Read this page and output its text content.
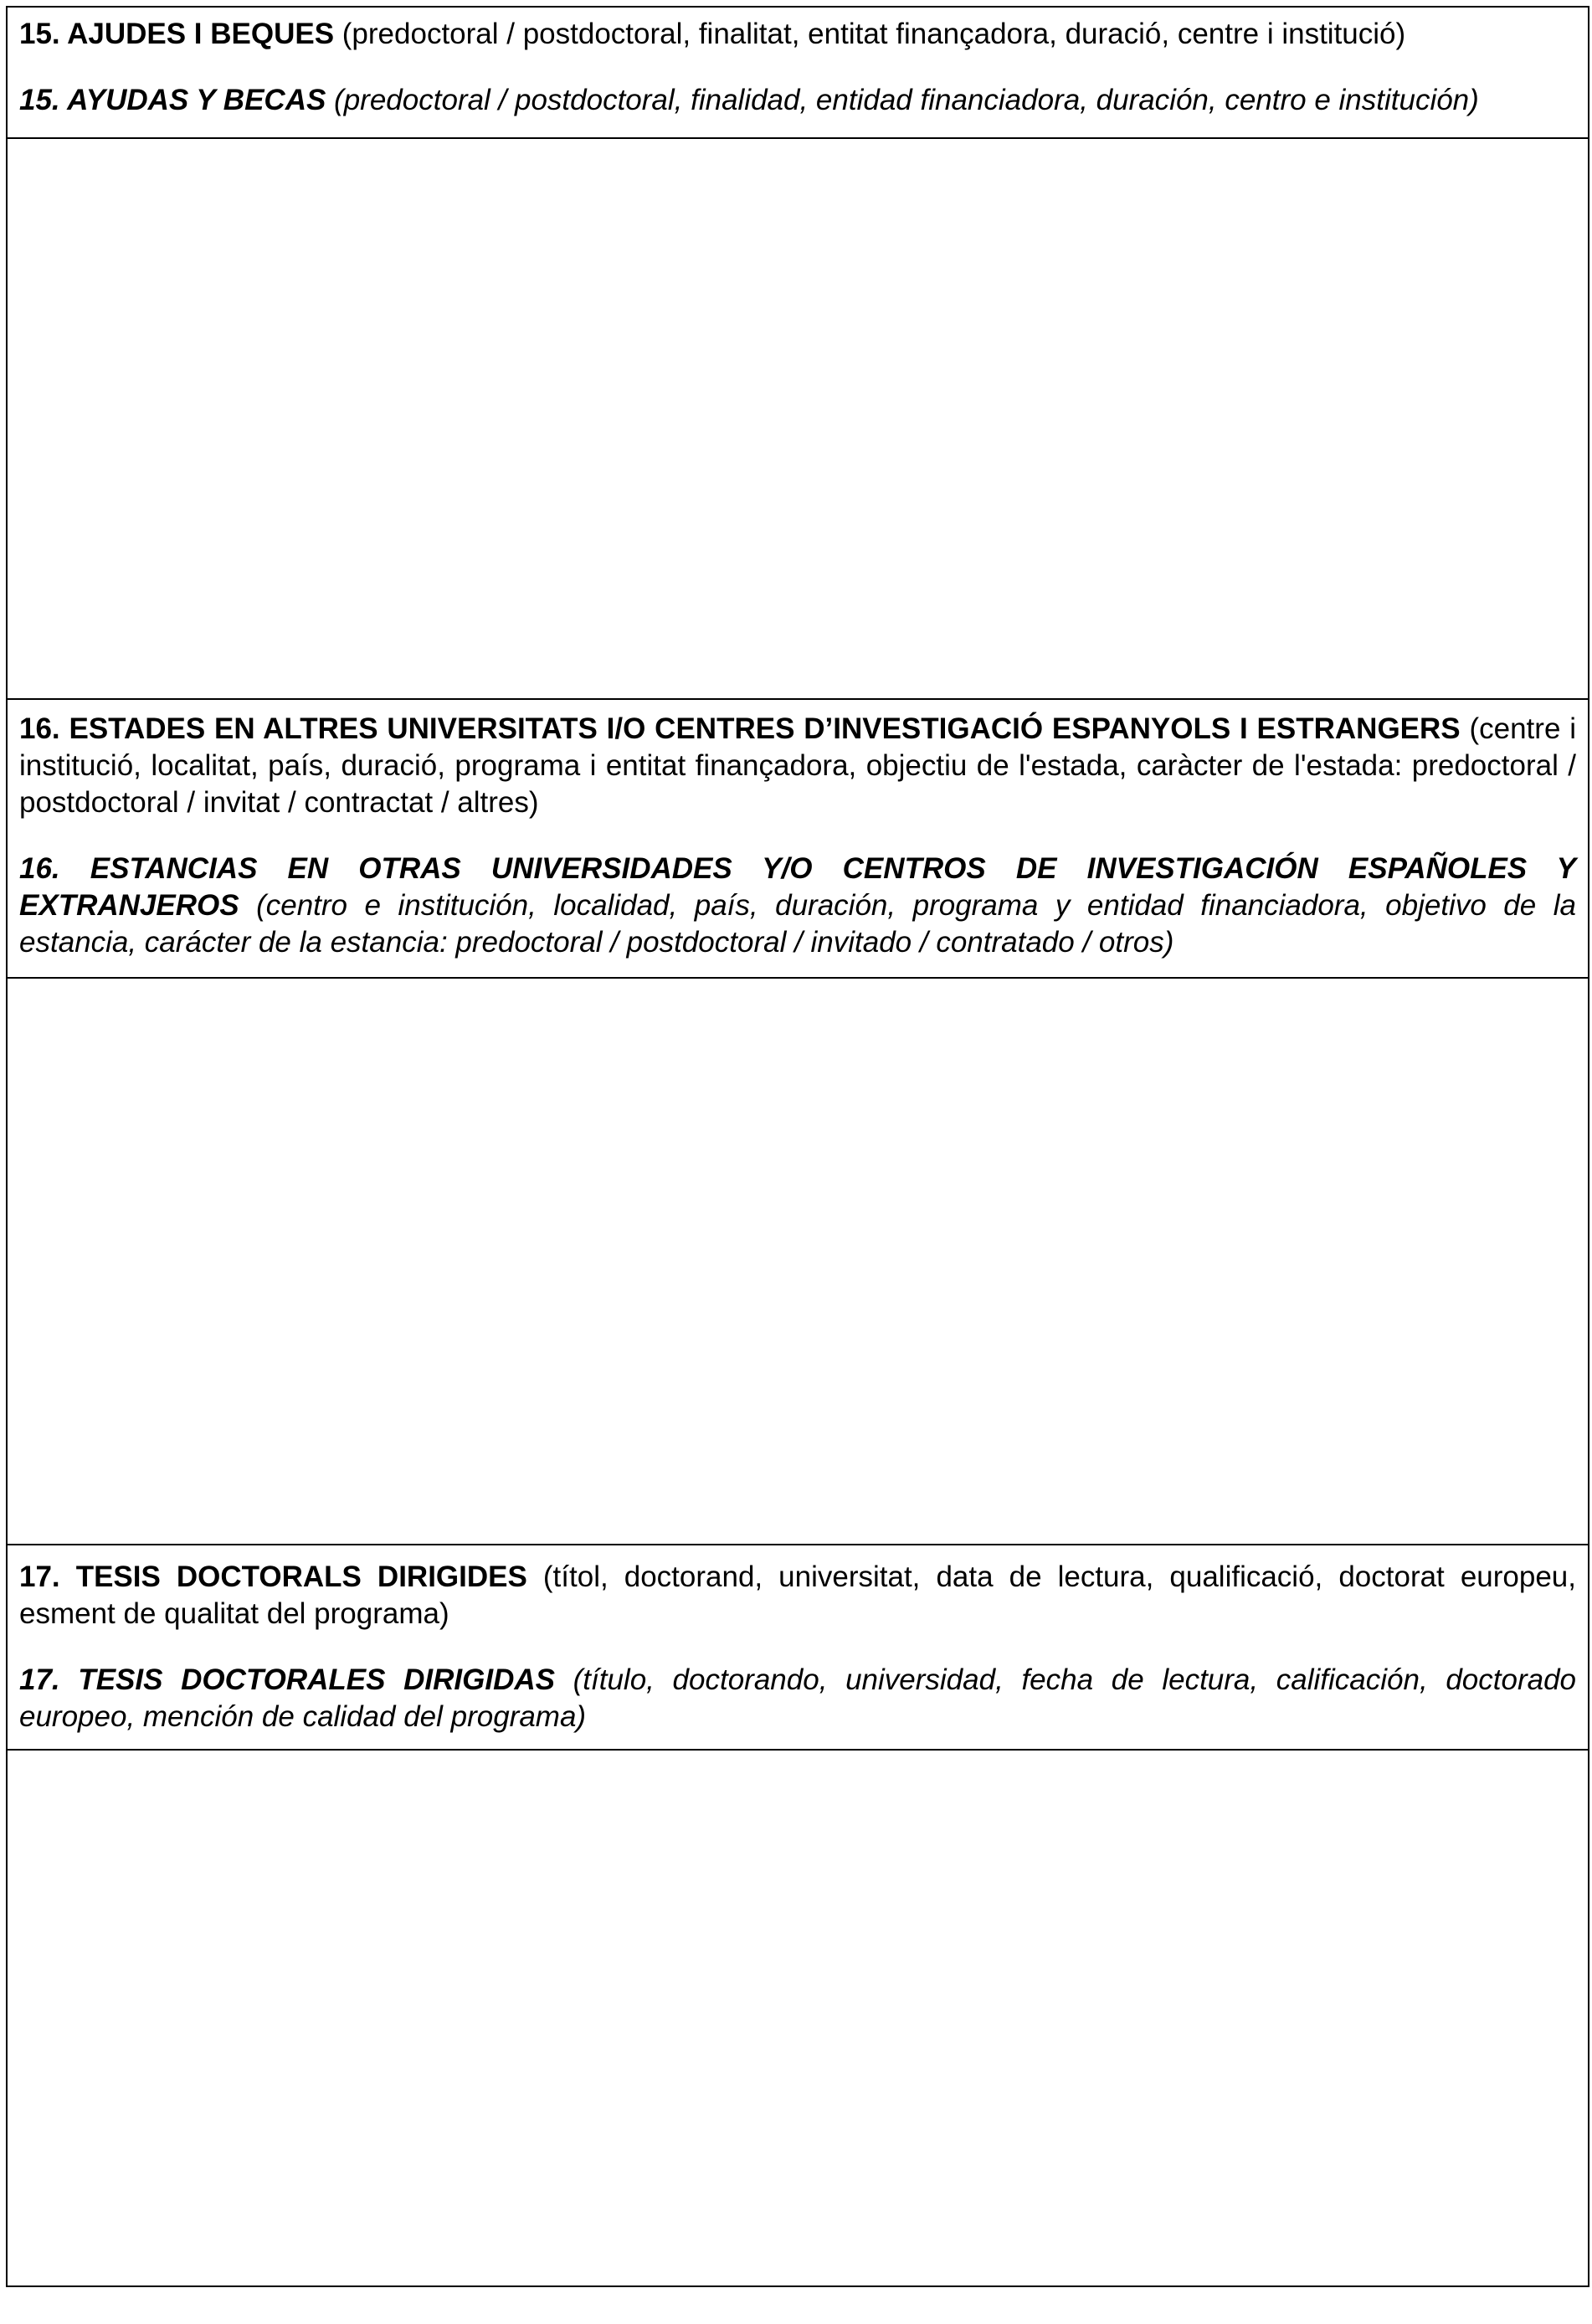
15. AJUDES I BEQUES (predoctoral / postdoctoral, finalitat, entitat finançadora, duració, centre i institució)

15. AYUDAS Y BECAS (predoctoral / postdoctoral, finalidad, entidad financiadora, duración, centro e institución)

16. ESTADES EN ALTRES UNIVERSITATS I/O CENTRES D’INVESTIGACIÓ ESPANYOLS I ESTRANGERS (centre i institució, localitat, país, duració, programa i entitat finançadora, objectiu de l'estada, caràcter de l'estada: predoctoral / postdoctoral / invitat / contractat / altres)

16. ESTANCIAS EN OTRAS UNIVERSIDADES Y/O CENTROS DE INVESTIGACIÓN ESPAÑOLES Y EXTRANJEROS (centro e institución, localidad, país, duración, programa y entidad financiadora, objetivo de la estancia, carácter de la estancia: predoctoral / postdoctoral / invitado / contratado / otros)

17. TESIS DOCTORALS DIRIGIDES (títol, doctorand, universitat, data de lectura, qualificació, doctorat europeu, esment de qualitat del programa)

17. TESIS DOCTORALES DIRIGIDAS (título, doctorando, universidad, fecha de lectura, calificación, doctorado europeo, mención de calidad del programa)
